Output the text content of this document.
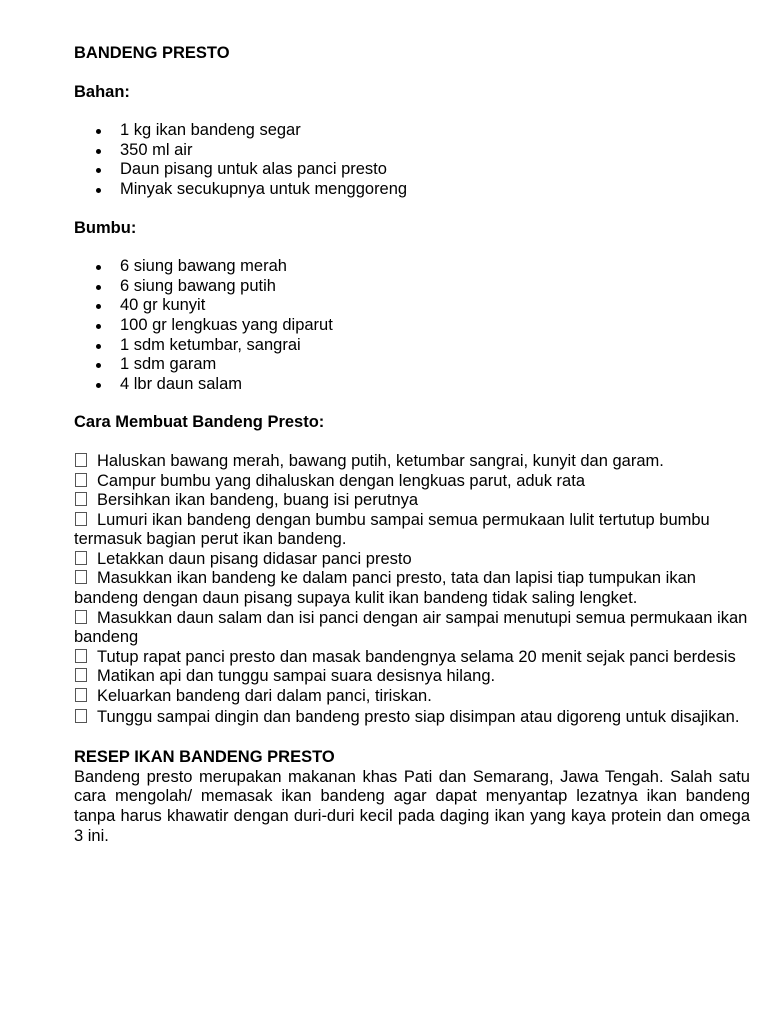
BANDENG PRESTO
Bahan:
1 kg ikan bandeng segar
350 ml air
Daun pisang untuk alas panci presto
Minyak secukupnya untuk menggoreng
Bumbu:
6 siung bawang merah
6 siung bawang putih
40 gr kunyit
100 gr lengkuas yang diparut
1 sdm ketumbar, sangrai
1 sdm garam
4 lbr daun salam
Cara Membuat Bandeng Presto:
Haluskan bawang merah, bawang putih, ketumbar sangrai, kunyit dan garam.
Campur bumbu yang dihaluskan dengan lengkuas parut, aduk rata
Bersihkan ikan bandeng, buang isi perutnya
Lumuri ikan bandeng dengan bumbu sampai semua permukaan lulit tertutup bumbu termasuk bagian perut ikan bandeng.
Letakkan daun pisang didasar panci presto
Masukkan ikan bandeng ke dalam panci presto, tata dan lapisi tiap tumpukan ikan bandeng dengan daun pisang supaya kulit ikan bandeng tidak saling lengket.
Masukkan daun salam dan isi panci dengan air sampai menutupi semua permukaan ikan bandeng
Tutup rapat panci presto dan masak bandengnya selama 20 menit sejak panci berdesis
Matikan api dan tunggu sampai suara desisnya hilang.
Keluarkan bandeng dari dalam panci, tiriskan.
Tunggu sampai dingin dan bandeng presto siap disimpan atau digoreng untuk disajikan.
RESEP IKAN BANDENG PRESTO

Bandeng presto merupakan makanan khas Pati dan Semarang, Jawa Tengah. Salah satu cara mengolah/ memasak ikan bandeng agar dapat menyantap lezatnya ikan bandeng tanpa harus khawatir dengan duri-duri kecil pada daging ikan yang kaya protein dan omega 3 ini.
